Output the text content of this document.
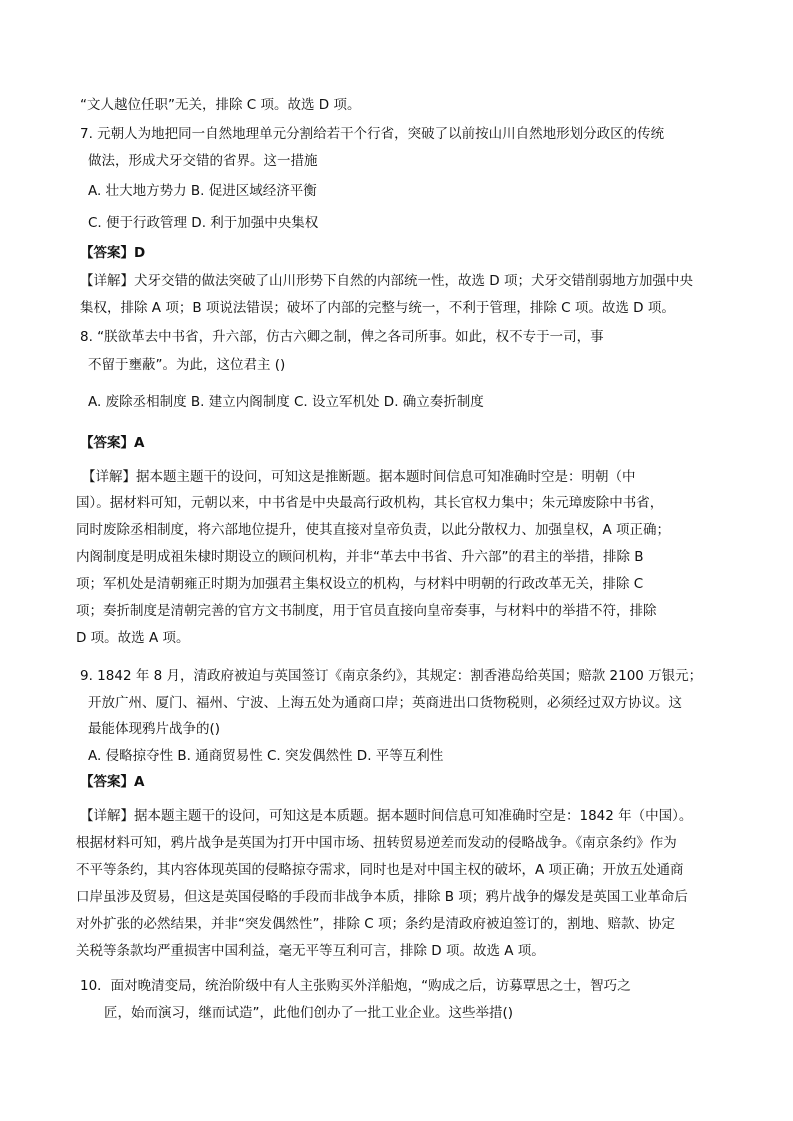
“文人越位任职”无关，排除 C 项。故选 D 项。
7. 元朝人为地把同一自然地理单元分割给若干个行省，突破了以前按山川自然地形划分政区的传统
做法，形成犬牙交错的省界。这一措施
A. 壮大地方势力 B. 促进区域经济平衡
C. 便于行政管理 D. 利于加强中央集权
【答案】D
【详解】犬牙交错的做法突破了山川形势下自然的内部统一性，故选 D 项；犬牙交错削弱地方加强中央
集权，排除 A 项；B 项说法错误；破坏了内部的完整与统一，不利于管理，排除 C 项。故选 D 项。
8. “朕欲革去中书省，升六部，仿古六卿之制，俾之各司所事。如此，权不专于一司，事
不留于壅蔽”。为此，这位君主 ()
A. 废除丞相制度 B. 建立内阁制度 C. 设立军机处 D. 确立奏折制度
【答案】A
【详解】据本题主题干的设问，可知这是推断题。据本题时间信息可知准确时空是：明朝（中
国）。据材料可知，元朝以来，中书省是中央最高行政机构，其长官权力集中；朱元璋废除中书省，
同时废除丞相制度，将六部地位提升，使其直接对皇帝负责，以此分散权力、加强皇权，A 项正确；
内阁制度是明成祖朱棣时期设立的顾问机构，并非“革去中书省、升六部”的君主的举措，排除 B
项；军机处是清朝雍正时期为加强君主集权设立的机构，与材料中明朝的行政改革无关，排除 C
项；奏折制度是清朝完善的官方文书制度，用于官员直接向皇帝奏事，与材料中的举措不符，排除
D 项。故选 A 项。
9. 1842 年 8 月，清政府被迫与英国签订《南京条约》，其规定：割香港岛给英国；赔款 2100 万银元；
开放广州、厦门、福州、宁波、上海五处为通商口岸；英商进出口货物税则，必须经过双方协议。这
最能体现鸦片战争的()
A. 侵略掠夺性 B. 通商贸易性 C. 突发偶然性 D. 平等互利性
【答案】A
【详解】据本题主题干的设问，可知这是本质题。据本题时间信息可知准确时空是：1842 年（中国）。
根据材料可知，鸦片战争是英国为打开中国市场、扭转贸易逆差而发动的侵略战争。《南京条约》作为
不平等条约，其内容体现英国的侵略掠夺需求，同时也是对中国主权的破坏，A 项正确；开放五处通商
口岸虽涉及贸易，但这是英国侵略的手段而非战争本质，排除 B 项；鸦片战争的爆发是英国工业革命后
对外扩张的必然结果，并非“突发偶然性”，排除 C 项；条约是清政府被迫签订的，割地、赔款、协定
关税等条款均严重损害中国利益，毫无平等互利可言，排除 D 项。故选 A 项。
10．面对晚清变局，统治阶级中有人主张购买外洋船炮，“购成之后，访募覃思之士，智巧之
匠，始而演习，继而试造”，此他们创办了一批工业企业。这些举措()
